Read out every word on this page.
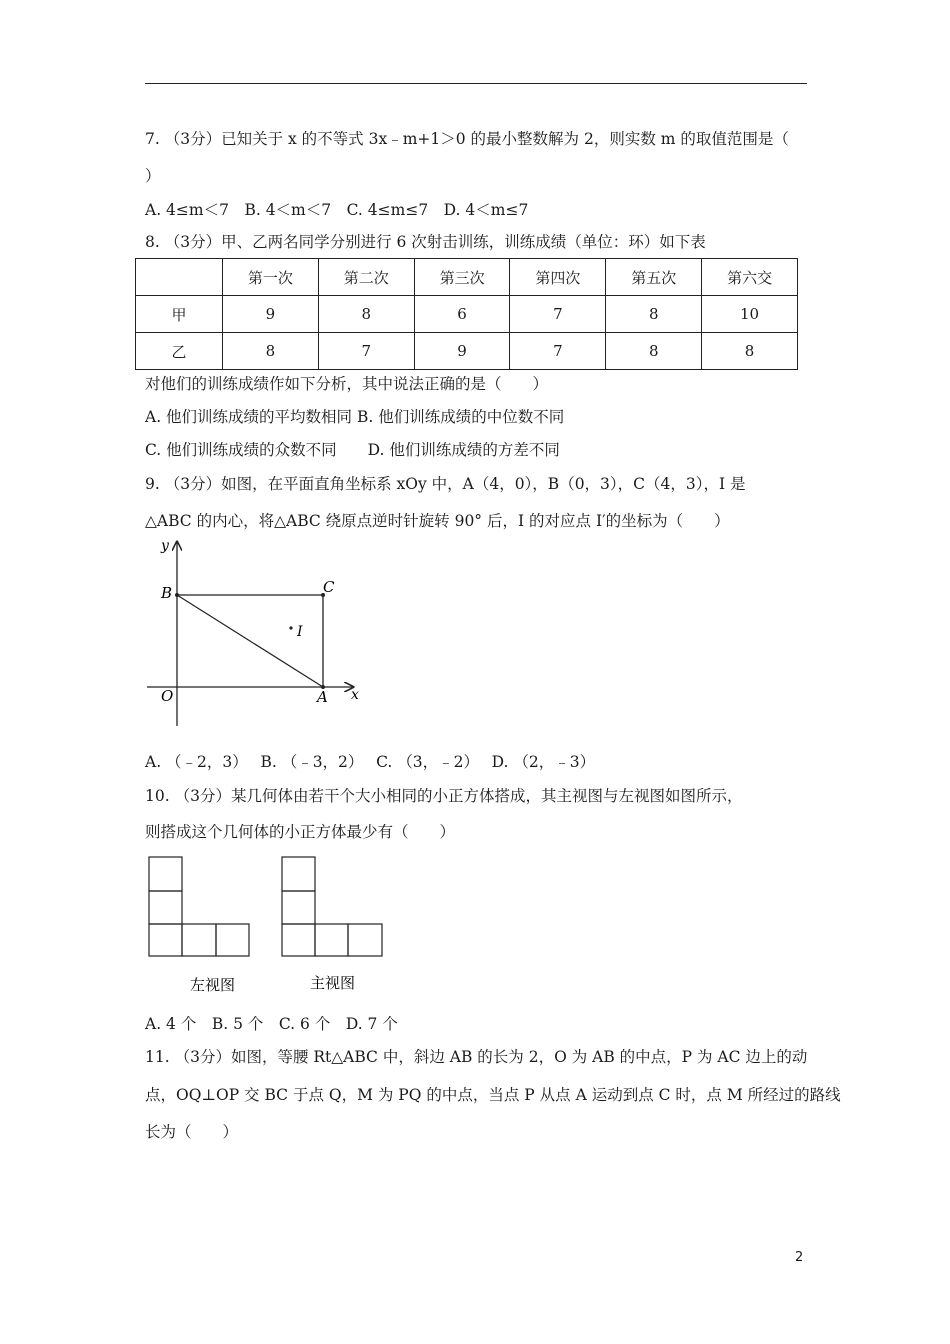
7. （3分）已知关于 x 的不等式 3x﹣m+1＞0 的最小整数解为 2，则实数 m 的取值范围是（
）
A. 4≤m＜7　B. 4＜m＜7　C. 4≤m≤7　D. 4＜m≤7
8. （3分）甲、乙两名同学分别进行 6 次射击训练，训练成绩（单位：环）如下表
	第一次	第二次	第三次	第四次	第五次	第六交
甲	9	8	6	7	8	10
乙	8	7	9	7	8	8
对他们的训练成绩作如下分析，其中说法正确的是（　　）
A. 他们训练成绩的平均数相同 B. 他们训练成绩的中位数不同
C. 他们训练成绩的众数不同　　D. 他们训练成绩的方差不同
9. （3分）如图，在平面直角坐标系 xOy 中，A（4，0），B（0，3），C（4，3），I 是
△ABC 的内心，将△ABC 绕原点逆时针旋转 90° 后，I 的对应点 I′的坐标为（　　）
y
x
O	A
B	C
I
A. （﹣2，3）　 B. （﹣3，2）　 C. （3，﹣2）　 D. （2，﹣3）
10. （3分）某几何体由若干个大小相同的小正方体搭成，其主视图与左视图如图所示，
则搭成这个几何体的小正方体最少有（　　）
左视图	主视图
A. 4 个　B. 5 个　C. 6 个　D. 7 个
11. （3分）如图，等腰 Rt△ABC 中，斜边 AB 的长为 2，O 为 AB 的中点，P 为 AC 边上的动
点，OQ⊥OP 交 BC 于点 Q，M 为 PQ 的中点，当点 P 从点 A 运动到点 C 时，点 M 所经过的路线
长为（　　）
2
